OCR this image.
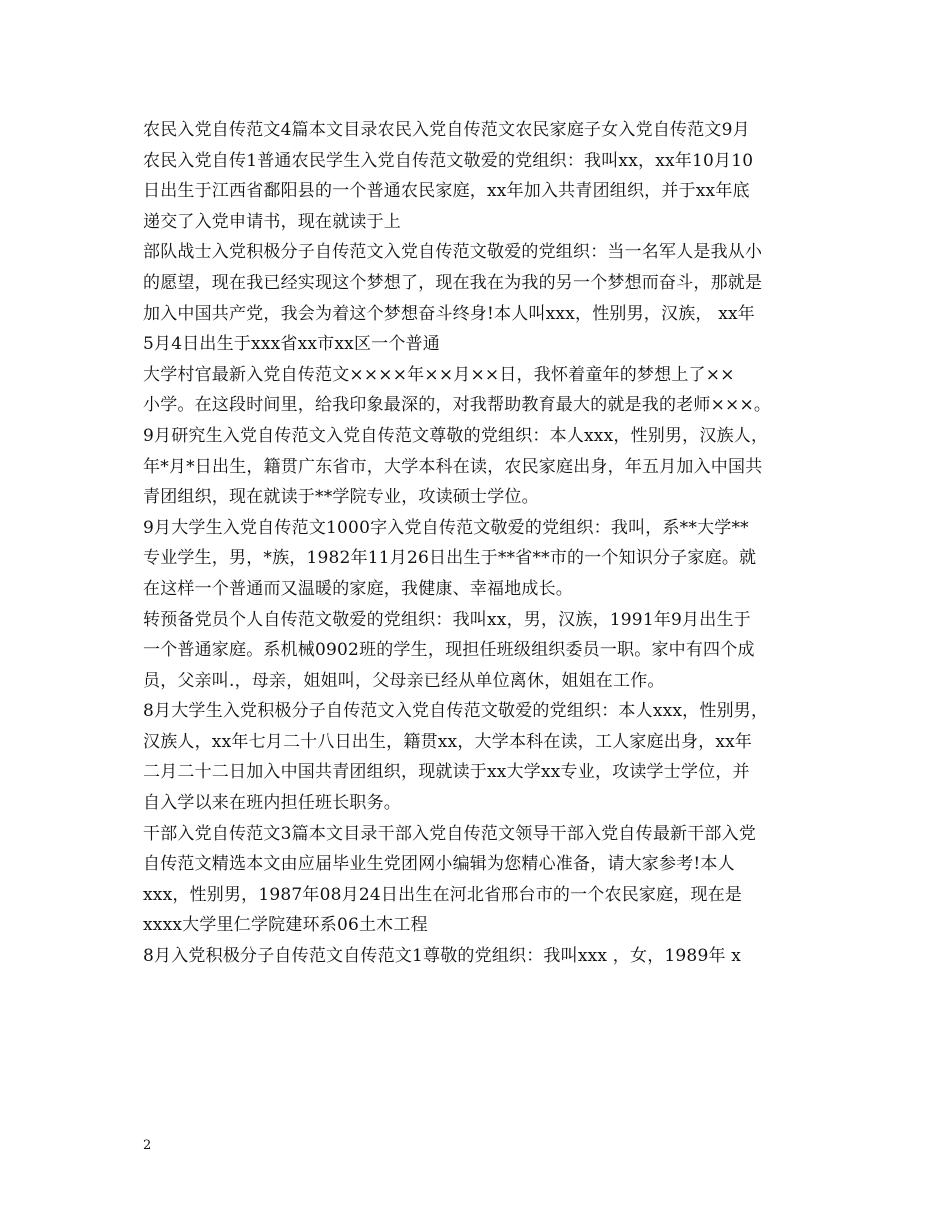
农民入党自传范文4篇本文目录农民入党自传范文农民家庭子女入党自传范文9月
农民入党自传1普通农民学生入党自传范文敬爱的党组织：我叫xx，xx年10月10
日出生于江西省鄱阳县的一个普通农民家庭，xx年加入共青团组织，并于xx年底
递交了入党申请书，现在就读于上
部队战士入党积极分子自传范文入党自传范文敬爱的党组织：当一名军人是我从小
的愿望，现在我已经实现这个梦想了，现在我在为我的另一个梦想而奋斗，那就是
加入中国共产党，我会为着这个梦想奋斗终身!本人叫xxx，性别男，汉族， xx年
5月4日出生于xxx省xx市xx区一个普通
大学村官最新入党自传范文××××年××月××日，我怀着童年的梦想上了××
小学。在这段时间里，给我印象最深的，对我帮助教育最大的就是我的老师×××。
9月研究生入党自传范文入党自传范文尊敬的党组织：本人xxx，性别男，汉族人，
年*月*日出生，籍贯广东省市，大学本科在读，农民家庭出身，年五月加入中国共
青团组织，现在就读于**学院专业，攻读硕士学位。
9月大学生入党自传范文1000字入党自传范文敬爱的党组织：我叫，系**大学**
专业学生，男，*族，1982年11月26日出生于**省**市的一个知识分子家庭。就
在这样一个普通而又温暖的家庭，我健康、幸福地成长。
转预备党员个人自传范文敬爱的党组织：我叫xx，男，汉族，1991年9月出生于
一个普通家庭。系机械0902班的学生，现担任班级组织委员一职。家中有四个成
员，父亲叫.，母亲，姐姐叫，父母亲已经从单位离休，姐姐在工作。
8月大学生入党积极分子自传范文入党自传范文敬爱的党组织：本人xxx，性别男，
汉族人，xx年七月二十八日出生，籍贯xx，大学本科在读，工人家庭出身，xx年
二月二十二日加入中国共青团组织，现就读于xx大学xx专业，攻读学士学位，并
自入学以来在班内担任班长职务。
干部入党自传范文3篇本文目录干部入党自传范文领导干部入党自传最新干部入党
自传范文精选本文由应届毕业生党团网小编辑为您精心准备，请大家参考!本人
xxx，性别男，1987年08月24日出生在河北省邢台市的一个农民家庭，现在是
xxxx大学里仁学院建环系06土木工程
8月入党积极分子自传范文自传范文1尊敬的党组织：我叫xxx ，女，1989年 x
2
